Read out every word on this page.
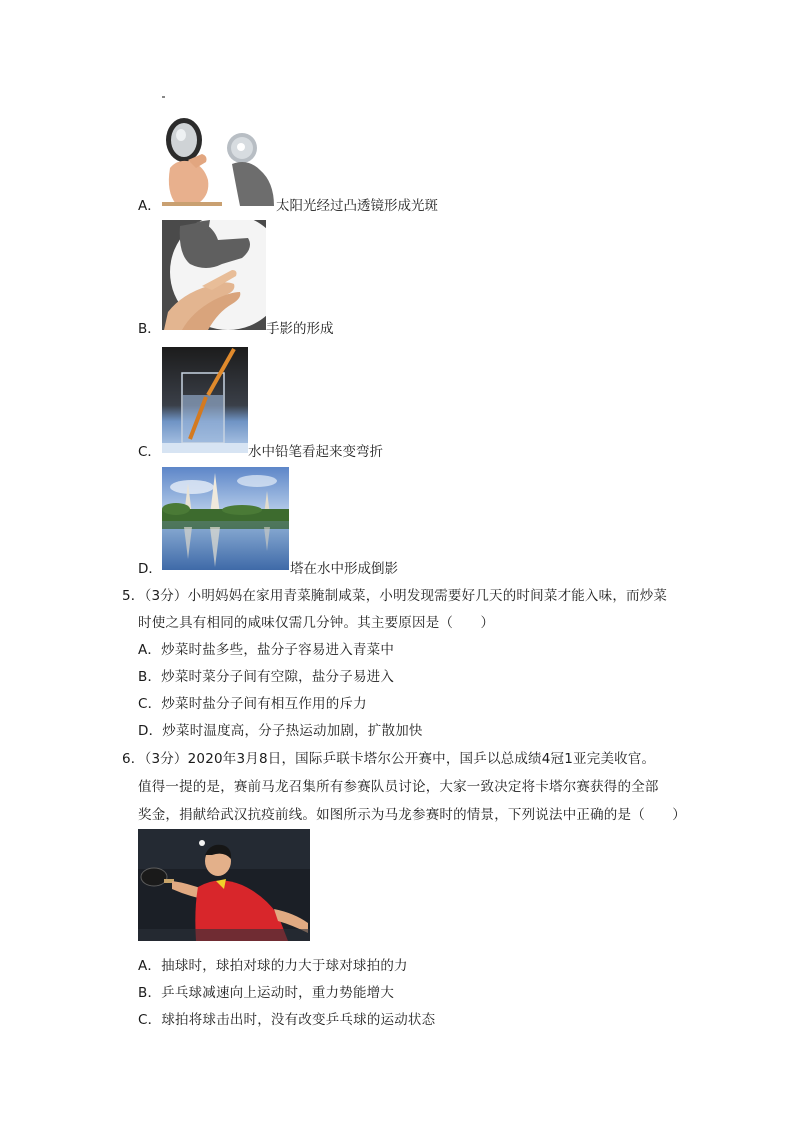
A．	太阳光经过凸透镜形成光斑
B．	手影的形成
C．	水中铅笔看起来变弯折
D．	塔在水中形成倒影
5．（3分）小明妈妈在家用青菜腌制咸菜，小明发现需要好几天的时间菜才能入味，而炒菜
时使之具有相同的咸味仅需几分钟。其主要原因是（　　）
A．炒菜时盐多些，盐分子容易进入青菜中
B．炒菜时菜分子间有空隙，盐分子易进入
C．炒菜时盐分子间有相互作用的斥力
D．炒菜时温度高，分子热运动加剧，扩散加快
6．（3分）2020年3月8日，国际乒联卡塔尔公开赛中，国乒以总成绩4冠1亚完美收官。
值得一提的是，赛前马龙召集所有参赛队员讨论，大家一致决定将卡塔尔赛获得的全部
奖金，捐献给武汉抗疫前线。如图所示为马龙参赛时的情景，下列说法中正确的是（　　）
A．抽球时，球拍对球的力大于球对球拍的力
B．乒乓球减速向上运动时，重力势能增大
C．球拍将球击出时，没有改变乒乓球的运动状态
